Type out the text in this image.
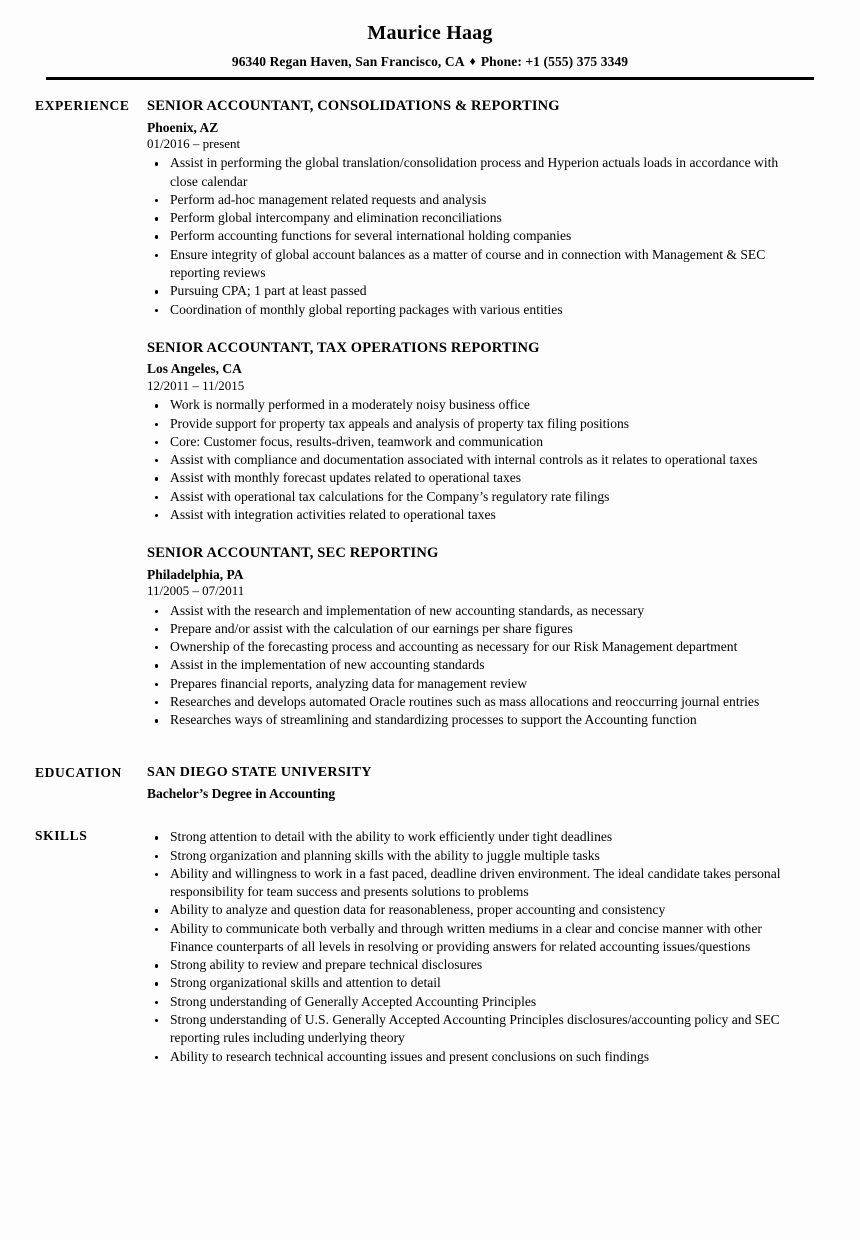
Maurice Haag
96340 Regan Haven, San Francisco, CA ♦ Phone: +1 (555) 375 3349
EXPERIENCE	SENIOR ACCOUNTANT, CONSOLIDATIONS & REPORTING
Phoenix, AZ
01/2016 – present
Assist in performing the global translation/consolidation process and Hyperion actuals loads in accordance with close calendar
Perform ad-hoc management related requests and analysis
Perform global intercompany and elimination reconciliations
Perform accounting functions for several international holding companies
Ensure integrity of global account balances as a matter of course and in connection with Management & SEC reporting reviews
Pursuing CPA; 1 part at least passed
Coordination of monthly global reporting packages with various entities
SENIOR ACCOUNTANT, TAX OPERATIONS REPORTING
Los Angeles, CA
12/2011 – 11/2015
Work is normally performed in a moderately noisy business office
Provide support for property tax appeals and analysis of property tax filing positions
Core: Customer focus, results-driven, teamwork and communication
Assist with compliance and documentation associated with internal controls as it relates to operational taxes
Assist with monthly forecast updates related to operational taxes
Assist with operational tax calculations for the Company’s regulatory rate filings
Assist with integration activities related to operational taxes
SENIOR ACCOUNTANT, SEC REPORTING
Philadelphia, PA
11/2005 – 07/2011
Assist with the research and implementation of new accounting standards, as necessary
Prepare and/or assist with the calculation of our earnings per share figures
Ownership of the forecasting process and accounting as necessary for our Risk Management department
Assist in the implementation of new accounting standards
Prepares financial reports, analyzing data for management review
Researches and develops automated Oracle routines such as mass allocations and reoccurring journal entries
Researches ways of streamlining and standardizing processes to support the Accounting function
EDUCATION	SAN DIEGO STATE UNIVERSITY
Bachelor’s Degree in Accounting
SKILLS	Strong attention to detail with the ability to work efficiently under tight deadlines
Strong organization and planning skills with the ability to juggle multiple tasks
Ability and willingness to work in a fast paced, deadline driven environment. The ideal candidate takes personal responsibility for team success and presents solutions to problems
Ability to analyze and question data for reasonableness, proper accounting and consistency
Ability to communicate both verbally and through written mediums in a clear and concise manner with other Finance counterparts of all levels in resolving or providing answers for related accounting issues/questions
Strong ability to review and prepare technical disclosures
Strong organizational skills and attention to detail
Strong understanding of Generally Accepted Accounting Principles
Strong understanding of U.S. Generally Accepted Accounting Principles disclosures/accounting policy and SEC reporting rules including underlying theory
Ability to research technical accounting issues and present conclusions on such findings
